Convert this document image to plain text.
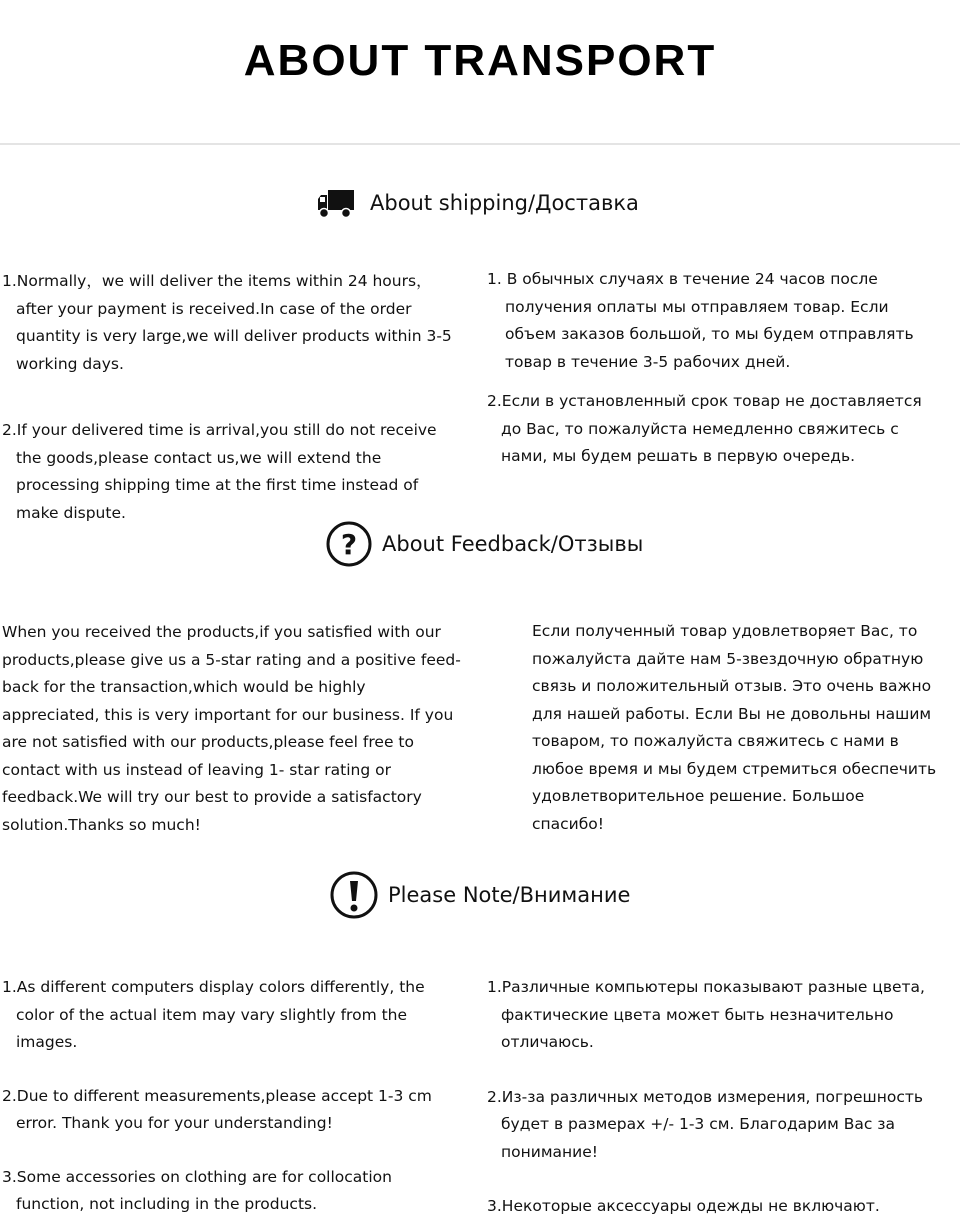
ABOUT TRANSPORT
About shipping/Доставка
1.Normally，we will deliver the items within 24 hours，after your payment is received.In case of the order quantity is very large,we will deliver products within 3-5 working days.
2.If your delivered time is arrival,you still do not receive the goods,please contact us,we will extend the processing shipping time at the first time instead of make dispute.
1. В обычных случаях в течение 24 часов после получения оплаты мы отправляем товар. Если объем заказов большой, то мы будем отправлять товар в течение 3-5 рабочих дней.
2.Если в установленный срок товар не доставляется до Вас, то пожалуйста немедленно свяжитесь с нами, мы будем решать в первую очередь.
? About Feedback/Отзывы
When you received the products,if you satisfied with our products,please give us a 5-star rating and a positive feed-back for the transaction,which would be highly appreciated, this is very important for our business. If you are not satisfied with our products,please feel free to contact with us instead of leaving 1- star rating or feedback.We will try our best to provide a satisfactory solution.Thanks so much!
Если полученный товар удовлетворяет Вас, то пожалуйста дайте нам 5-звездочную обратную связь и положительный отзыв. Это очень важно для нашей работы. Если Вы не довольны нашим товаром, то пожалуйста свяжитесь с нами в любое время и мы будем стремиться обеспечить удовлетворительное решение. Большое спасибо!
Please Note/Внимание
1.As different computers display colors differently, the color of the actual item may vary slightly from the images.
2.Due to different measurements,please accept 1-3 cm error. Thank you for your understanding!
3.Some accessories on clothing are for collocation function, not including in the products.
1.Различные компьютеры показывают разные цвета, фактические цвета может быть незначительно отличаюсь.
2.Из-за различных методов измерения, погрешность будет в размерах +/- 1-3 см. Благодарим Вас за понимание!
3.Некоторые аксессуары одежды не включают.
